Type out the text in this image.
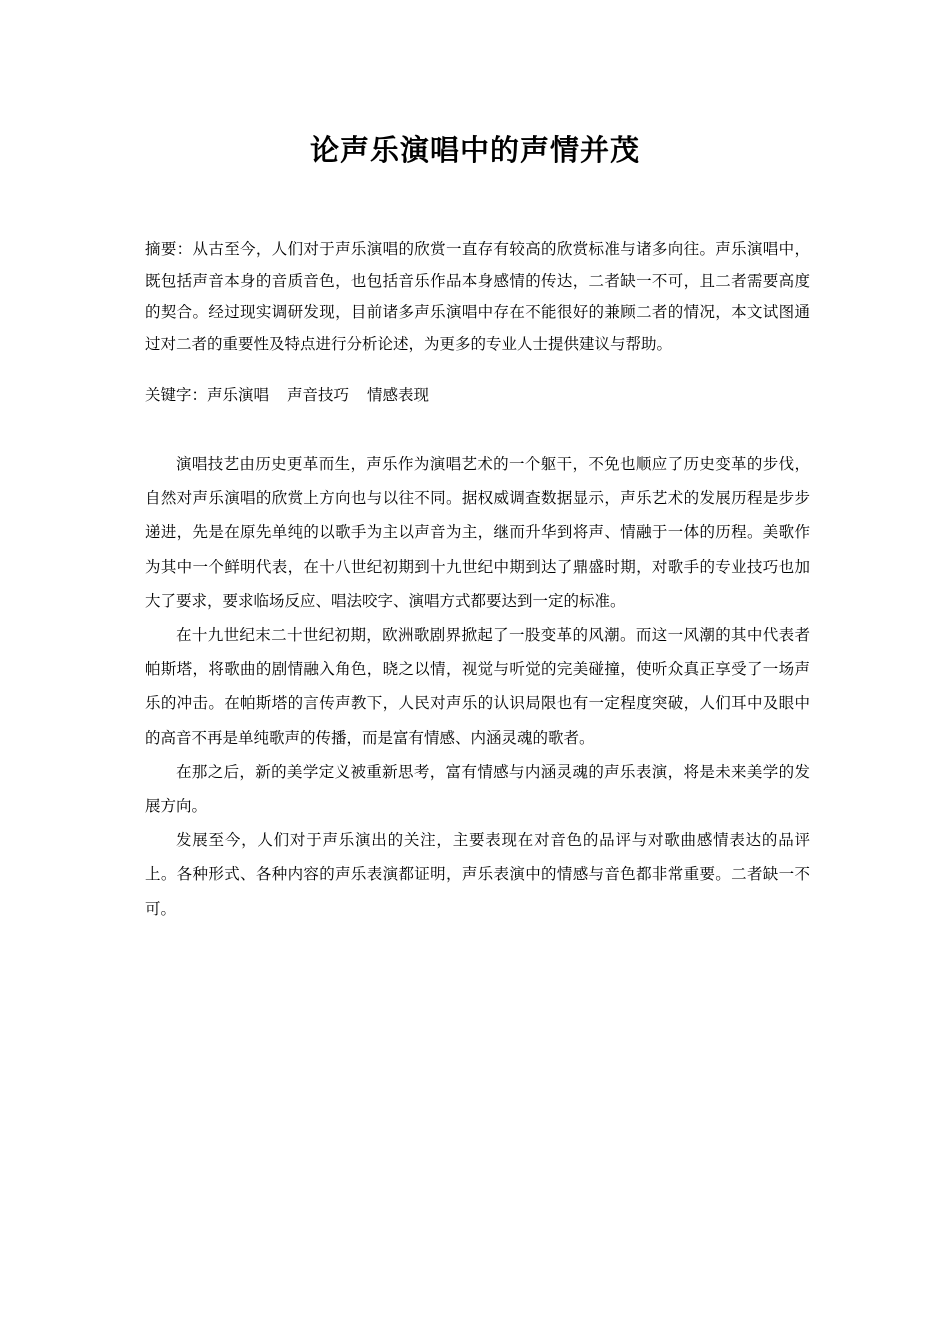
论声乐演唱中的声情并茂

摘要：从古至今，人们对于声乐演唱的欣赏一直存有较高的欣赏标准与诸多向往。声乐演唱中，既包括声音本身的音质音色，也包括音乐作品本身感情的传达，二者缺一不可，且二者需要高度的契合。经过现实调研发现，目前诸多声乐演唱中存在不能很好的兼顾二者的情况，本文试图通过对二者的重要性及特点进行分析论述，为更多的专业人士提供建议与帮助。

关键字：声乐演唱 声音技巧 情感表现

演唱技艺由历史更革而生，声乐作为演唱艺术的一个躯干，不免也顺应了历史变革的步伐，自然对声乐演唱的欣赏上方向也与以往不同。据权威调查数据显示，声乐艺术的发展历程是步步递进，先是在原先单纯的以歌手为主以声音为主，继而升华到将声、情融于一体的历程。美歌作为其中一个鲜明代表，在十八世纪初期到十九世纪中期到达了鼎盛时期，对歌手的专业技巧也加大了要求，要求临场反应、唱法咬字、演唱方式都要达到一定的标准。

在十九世纪末二十世纪初期，欧洲歌剧界掀起了一股变革的风潮。而这一风潮的其中代表者帕斯塔，将歌曲的剧情融入角色，晓之以情，视觉与听觉的完美碰撞，使听众真正享受了一场声乐的冲击。在帕斯塔的言传声教下，人民对声乐的认识局限也有一定程度突破，人们耳中及眼中的高音不再是单纯歌声的传播，而是富有情感、内涵灵魂的歌者。

在那之后，新的美学定义被重新思考，富有情感与内涵灵魂的声乐表演，将是未来美学的发展方向。

发展至今，人们对于声乐演出的关注，主要表现在对音色的品评与对歌曲感情表达的品评上。各种形式、各种内容的声乐表演都证明，声乐表演中的情感与音色都非常重要。二者缺一不可。
